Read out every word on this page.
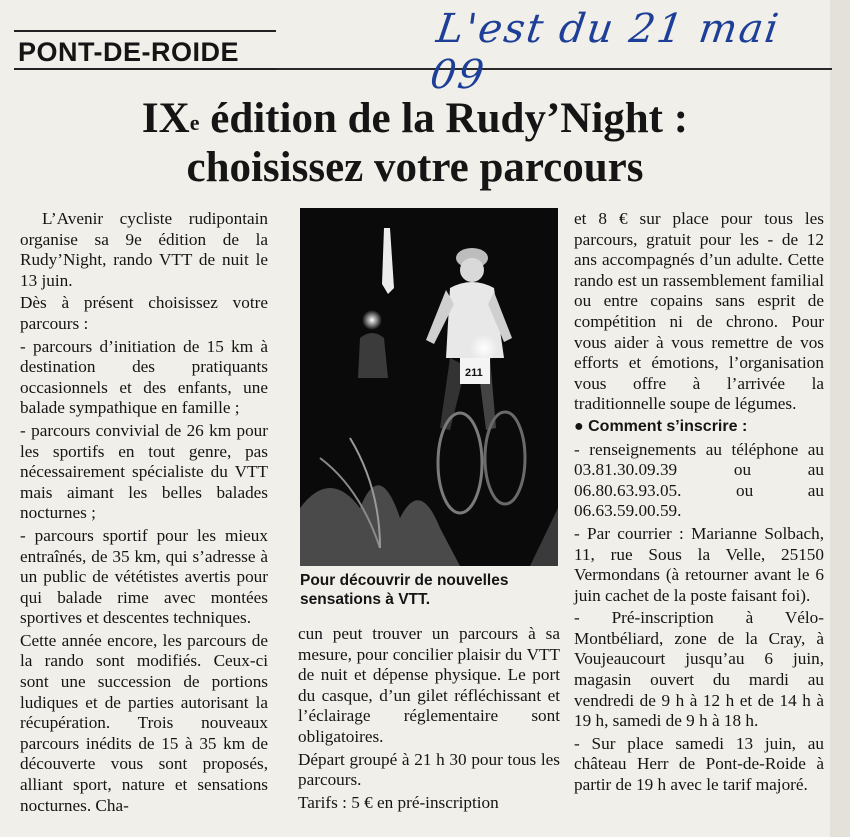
PONT-DE-ROIDE	L'est du 21 mai 09
IXe édition de la Rudy’Night :
choisissez votre parcours

L’Avenir cycliste rudipontain organise sa 9e édition de la Rudy’Night, rando VTT de nuit le 13 juin.

Dès à présent choisissez votre parcours :

- parcours d’initiation de 15 km à destination des pratiquants occasionnels et des enfants, une balade sympathique en famille ;

- parcours convivial de 26 km pour les sportifs en tout genre, pas nécessairement spécialiste du VTT mais aimant les belles balades nocturnes ;

- parcours sportif pour les mieux entraînés, de 35 km, qui s’adresse à un public de vététistes avertis pour qui balade rime avec montées sportives et descentes techniques.

Cette année encore, les parcours de la rando sont modifiés. Ceux-ci sont une succession de portions ludiques et de parties autorisant la récupération. Trois nouveaux parcours inédits de 15 à 35 km de découverte vous sont proposés, alliant sport, nature et sensations nocturnes. Cha-

211
Pour découvrir de nouvelles sensations à VTT.

cun peut trouver un parcours à sa mesure, pour concilier plaisir du VTT de nuit et dépense physique. Le port du casque, d’un gilet réfléchissant et l’éclairage réglementaire sont obligatoires.

Départ groupé à 21 h 30 pour tous les parcours.

Tarifs : 5 € en pré-inscription

et 8 € sur place pour tous les parcours, gratuit pour les - de 12 ans accompagnés d’un adulte. Cette rando est un rassemblement familial ou entre copains sans esprit de compétition ni de chrono. Pour vous aider à vous remettre de vos efforts et émotions, l’organisation vous offre à l’arrivée la traditionnelle soupe de légumes.

● Comment s’inscrire :

- renseignements au téléphone au 03.81.30.09.39 ou au 06.80.63.93.05. ou au 06.63.59.00.59.

- Par courrier : Marianne Solbach, 11, rue Sous la Velle, 25150 Vermondans (à retourner avant le 6 juin cachet de la poste faisant foi).

- Pré-inscription à Vélo-Montbéliard, zone de la Cray, à Voujeaucourt jusqu’au 6 juin, magasin ouvert du mardi au vendredi de 9 h à 12 h et de 14 h à 19 h, samedi de 9 h à 18 h.

- Sur place samedi 13 juin, au château Herr de Pont-de-Roide à partir de 19 h avec le tarif majoré.
